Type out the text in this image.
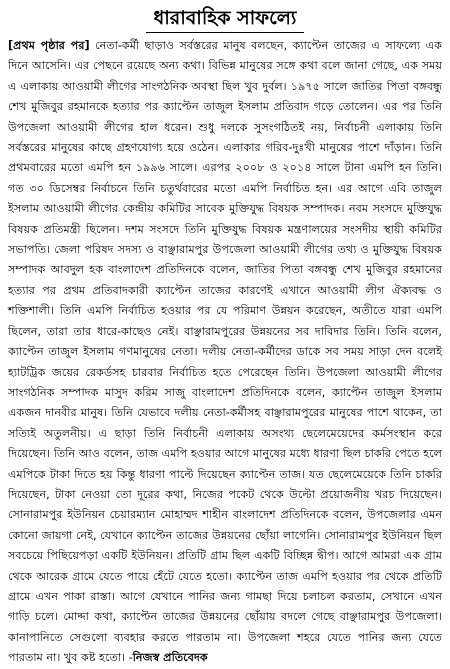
ধারাবাহিক সাফল্যে

[প্রথম পৃষ্ঠার পর] নেতা-কর্মী ছাড়াও সর্বস্তরের মানুষ বলছেন, ক্যাপ্টেন তাজের এ সাফল্যে এক দিনে আসেনি। এর পেছনে রয়েছে অন্য কথা। বিভিন্ন মানুষের সঙ্গে কথা বলে জানা গেছে, এক সময় এ এলাকায় আওয়ামী লীগের সাংগঠনিক অবস্থা ছিল খুব দুর্বল। ১৯৭৫ সালে জাতির পিতা বঙ্গবন্ধু শেখ মুজিবুর রহমানকে হত্যার পর ক্যাপ্টেন তাজুল ইসলাম প্রতিবাদ গড়ে তোলেন। এর পর তিনি উপজেলা আওয়ামী লীগের হাল ধরেন। শুধু দলকে সুসংগঠিতই নয়, নির্বাচনী এলাকায় তিনি সর্বস্তরের মানুষের কাছে গ্রহণযোগ্য হয়ে ওঠেন। এলাকার গরিব-দুঃখী মানুষের পাশে দাঁড়ান। তিনি প্রথমবারের মতো এমপি হন ১৯৯৬ সালে। এরপর ২০০৮ ও ২০১৪ সালে টানা এমপি হন তিনি। গত ৩০ ডিসেম্বর নির্বাচনে তিনি চতুর্থবারের মতো এমপি নির্বাচিত হন। এর আগে এবি তাজুল ইসলাম আওয়ামী লীগের কেন্দ্রীয় কমিটির সাবেক মুক্তিযুদ্ধ বিষয়ক সম্পাদক। নবম সংসদে মুক্তিযুদ্ধ বিষয়ক প্রতিমন্ত্রী ছিলেন। দশম সংসদে তিনি মুক্তিযুদ্ধ বিষয়ক মন্ত্রণালয়ের সংসদীয় স্থায়ী কমিটির সভাপতি। জেলা পরিষদ সদস্য ও বাঞ্ছারামপুর উপজেলা আওয়ামী লীগের তথ্য ও মুক্তিযুদ্ধ বিষয়ক সম্পাদক আবদুল হক বাংলাদেশ প্রতিদিনকে বলেন, জাতির পিতা বঙ্গবন্ধু শেখ মুজিবুর রহমানের হত্যার পর প্রথম প্রতিবাদকারী ক্যাপ্টেন তাজের কারণেই এখানে আওয়ামী লীগ ঐক্যবদ্ধ ও শক্তিশালী। তিনি এমপি নির্বাচিত হওয়ার পর যে পরিমাণ উন্নয়ন করেছেন, অতীতে যারা এমপি ছিলেন, তারা তার ধারে-কাছেও নেই। বাঞ্ছারামপুরের উন্নয়নের সব দাবিদার তিনি। তিনি বলেন, ক্যাপ্টেন তাজুল ইসলাম গণমানুষের নেতা। দলীয় নেতা-কর্মীদের ডাকে সব সময় সাড়া দেন বলেই হ্যাটট্রিক জয়ের রেকর্ডসহ চারবার নির্বাচিত হতে পেরেছেন তিনি। উপজেলা আওয়ামী লীগের সাংগঠনিক সম্পাদক মাসুদ করিম সাজু বাংলাদেশ প্রতিদিনকে বলেন, ক্যাপ্টেন তাজুল ইসলাম একজন দানবীর মানুষ। তিনি যেভাবে দলীয় নেতা-কর্মীসহ বাঞ্ছারামপুরের মানুষের পাশে থাকেন, তা সত্যিই অতুলনীয়। এ ছাড়া তিনি নির্বাচনী এলাকায় অসংখ্য ছেলেমেয়েদের কর্মসংস্থান করে দিয়েছেন। তিনি আও বলেন, তাজ এমপি হওয়ার আগে মানুষের মধ্যে ধারণা ছিল চাকরি পেতে হলে এমপিকে টাকা দিতে হয় কিন্তু ধারণা পাল্টে দিয়েছেন ক্যাপ্টেন তাজ। যত ছেলেমেয়েকে তিনি চাকরি দিয়েছেন, টাকা নেওয়া তো দূরের কথা, নিজের পকেট থেকে উল্টো প্রয়োজনীয় খরচ দিয়েছেন। সোনারামপুর ইউনিয়ন চেয়ারম্যান মোহাম্মদ শাহীন বাংলাদেশ প্রতিদিনকে বলেন, উপজেলার এমন কোনো জায়গা নেই, যেখানে ক্যাপ্টেন তাজের উন্নয়নের ছোঁয়া লাগেনি। সোনারামপুর ইউনিয়ন ছিল সবচেয়ে পিছিয়েপড়া একটি ইউনিয়ন। প্রতিটি গ্রাম ছিল একটি বিচ্ছিন্ন দ্বীপ। আগে আমরা এক গ্রাম থেকে আরেক গ্রামে যেতে পায়ে হেঁটে যেতে হতো। ক্যাপ্টেন তাজ এমপি হওয়ার পর থেকে প্রতিটি গ্রামে এখন পাকা রাস্তা। আগে যেখানে পানির জন্য গামছা দিয়ে চলাচল করতাম, সেখানে এখন গাড়ি চলে। মোদ্দা কথা, ক্যাপ্টেন তাজের উন্নয়নের ছোঁয়ায় বদলে গেছে বাঞ্ছারামপুর উপজেলা। কানাপানিতে সেগুলো ব্যবহার করতে পারতাম না। উপজেলা শহরে যেতে পানির জন্য যেতে পারতাম না। খুব কষ্ট হতো। -নিজস্ব প্রতিবেদক
